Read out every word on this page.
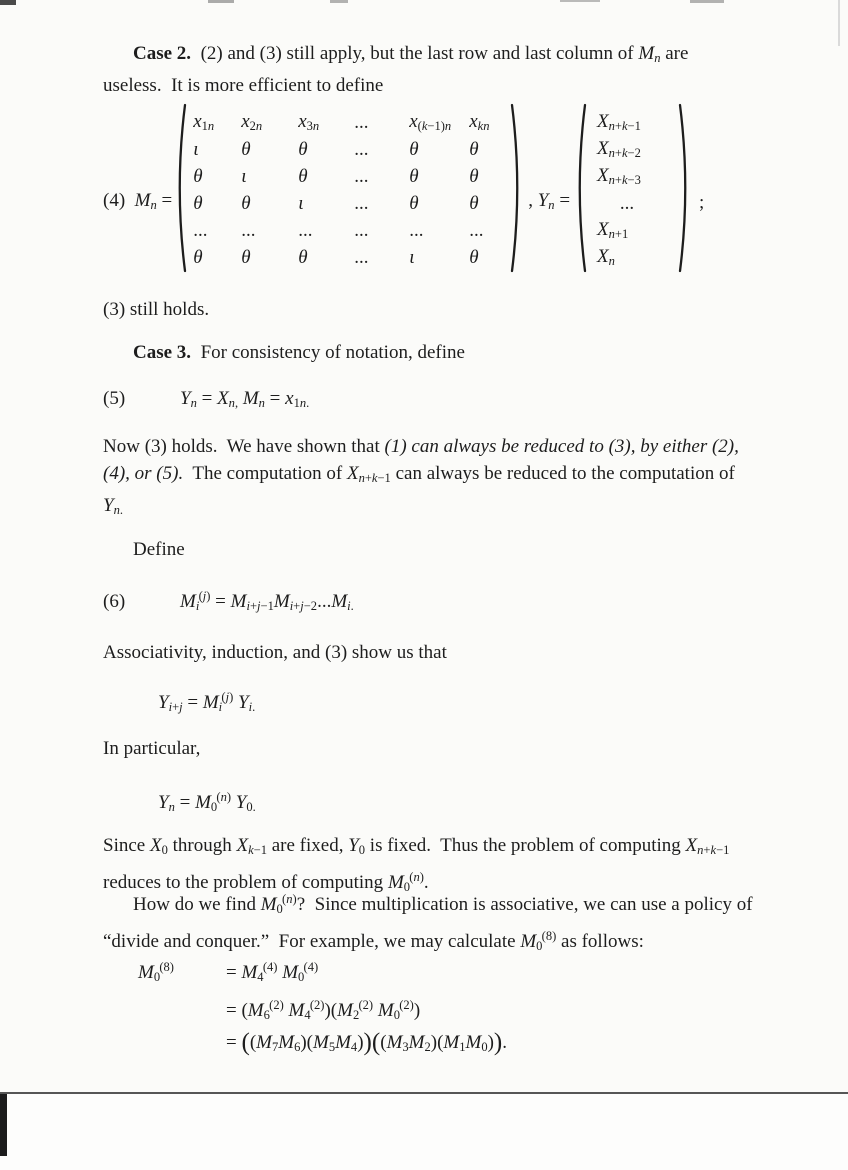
Case 2.  (2) and (3) still apply, but the last row and last column of $M_n$ are
useless.  It is more efficient to define
(4)  $M_n$ =
$x_{1n}$	$x_{2n}$	$x_{3n}$	...	$x_{(k-1)n}$ $x_{kn}$
ι	θ	θ	...	θ	θ
θ	ι	θ	...	θ	θ
θ	θ	ι	...	θ	θ
...	...	...	...	...	...
θ	θ	θ	...	ι	θ
, $Y_n$ =
$X_{n+k-1}$
$X_{n+k-2}$
$X_{n+k-3}$
...
$X_{n+1}$
$X_n$
;
(3) still holds.
Case 3.  For consistency of notation, define
(5)	$Y_n = X_{n,}$ $M_n = x_{1n.}$
Now (3) holds.  We have shown that (1) can always be reduced to (3), by either (2),
(4), or (5).  The computation of $X_{n+k-1}$ can always be reduced to the computation of
$Y_{n.}$
Define
(6)	$M_i^{(j)} = M_{i+j-1}M_{i+j-2}...M_{i.}$
Associativity, induction, and (3) show us that
$Y_{i+j} = M_i^{(j)}$ $Y_{i.}$
In particular,
$Y_n = M_0^{(n)}$ $Y_{0.}$
Since $X_0$ through $X_{k-1}$ are fixed, $Y_0$ is fixed.  Thus the problem of computing $X_{n+k-1}$
reduces to the problem of computing $M_0^{(n)}$.
How do we find $M_0^{(n)}$?  Since multiplication is associative, we can use a policy of
“divide and conquer.”  For example, we may calculate $M_0^{(8)}$ as follows:
$M_0^{(8)}$	= $M_4^{(4)}$ $M_0^{(4)}$
= ($M_6^{(2)}$ $M_4^{(2)})(M_2^{(2)}$ $M_0^{(2)}$)
= $((M_7M_6)(M_5M_4))((M_3M_2)(M_1M_0))$.
